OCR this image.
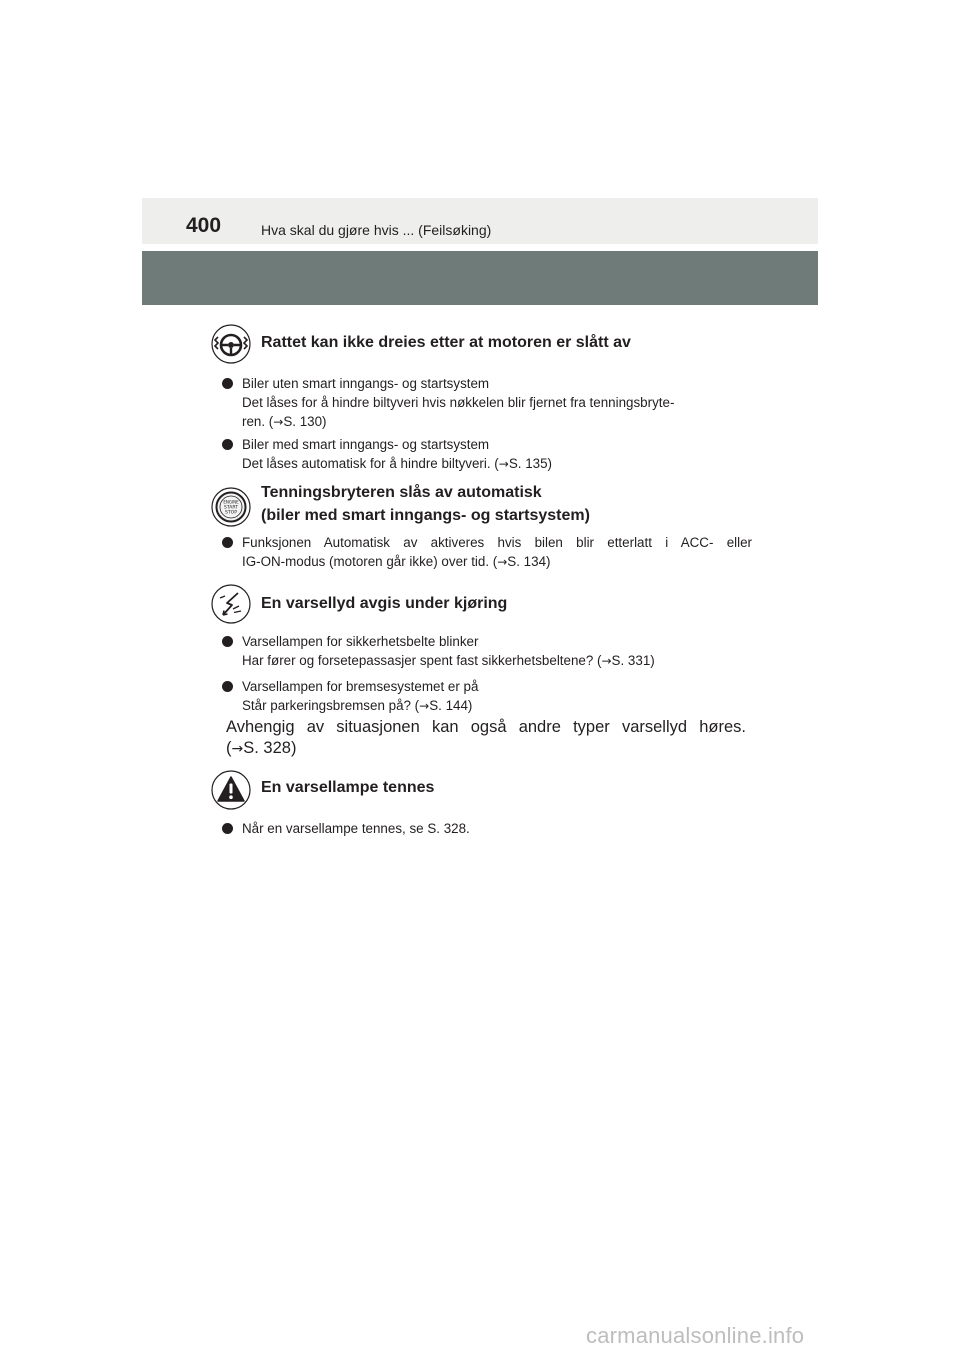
400	Hva skal du gjøre hvis ... (Feilsøking)
Rattet kan ikke dreies etter at motoren er slått av
Biler uten smart inngangs- og startsystem
Det låses for å hindre biltyveri hvis nøkkelen blir fjernet fra tenningsbryte-
ren. (→S. 130)
Biler med smart inngangs- og startsystem
Det låses automatisk for å hindre biltyveri. (→S. 135)
ENGINE
START
STOP
Tenningsbryteren slås av automatisk
(biler med smart inngangs- og startsystem)
Funksjonen Automatisk av aktiveres hvis bilen blir etterlatt i ACC- eller
IG-ON-modus (motoren går ikke) over tid. (→S. 134)
En varsellyd avgis under kjøring
Varsellampen for sikkerhetsbelte blinker
Har fører og forsetepassasjer spent fast sikkerhetsbeltene? (→S. 331)
Varsellampen for bremsesystemet er på
Står parkeringsbremsen på? (→S. 144)
Avhengig av situasjonen kan også andre typer varsellyd høres.
(→S. 328)
En varsellampe tennes
Når en varsellampe tennes, se S. 328.
carmanualsonline.info
